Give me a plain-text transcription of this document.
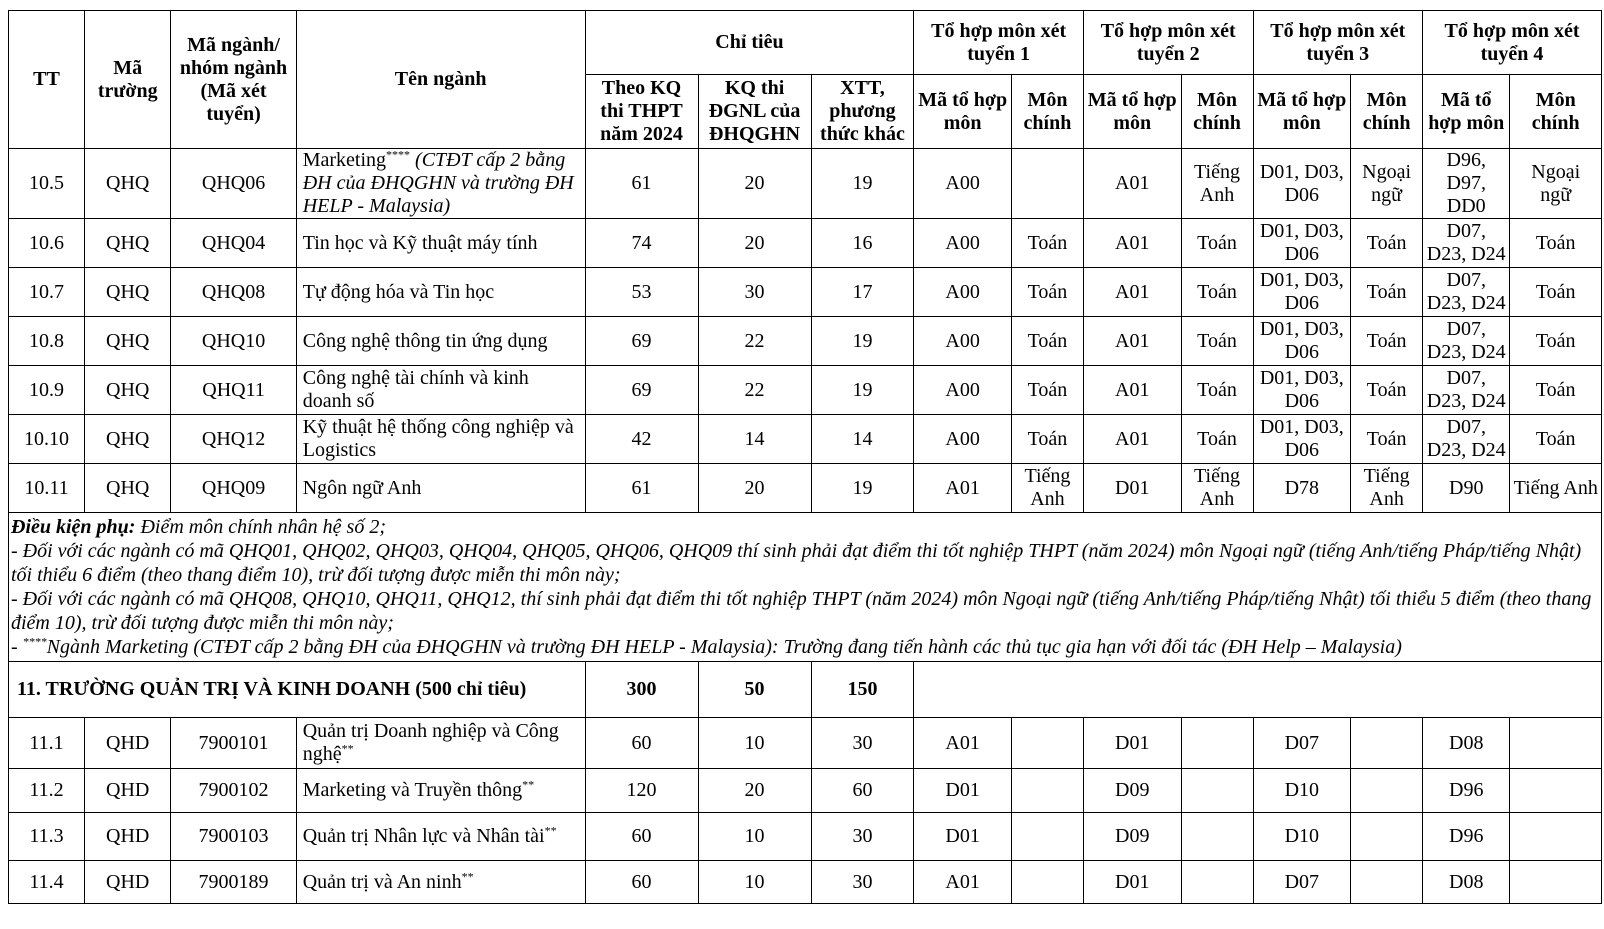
TT	Mã trường	Mã ngành/ nhóm ngành (Mã xét tuyển)	Tên ngành	Chỉ tiêu			Tổ hợp môn xét tuyển 1		Tổ hợp môn xét tuyển 2		Tổ hợp môn xét tuyển 3		Tổ hợp môn xét tuyển 4	
				Theo KQ thi THPT năm 2024	KQ thi ĐGNL của ĐHQGHN	XTT, phương thức khác	Mã tổ hợp môn	Môn chính	Mã tổ hợp môn	Môn chính	Mã tổ hợp môn	Môn chính	Mã tổ hợp môn	Môn chính
10.5	QHQ	QHQ06	Marketing**** (CTĐT cấp 2 bằng ĐH của ĐHQGHN và trường ĐH HELP - Malaysia)	61	20	19	A00		A01	Tiếng Anh	D01, D03, D06	Ngoại ngữ	D96, D97, DD0	Ngoại ngữ
10.6	QHQ	QHQ04	Tin học và Kỹ thuật máy tính	74	20	16	A00	Toán	A01	Toán	D01, D03, D06	Toán	D07, D23, D24	Toán
10.7	QHQ	QHQ08	Tự động hóa và Tin học	53	30	17	A00	Toán	A01	Toán	D01, D03, D06	Toán	D07, D23, D24	Toán
10.8	QHQ	QHQ10	Công nghệ thông tin ứng dụng	69	22	19	A00	Toán	A01	Toán	D01, D03, D06	Toán	D07, D23, D24	Toán
10.9	QHQ	QHQ11	Công nghệ tài chính và kinh doanh số	69	22	19	A00	Toán	A01	Toán	D01, D03, D06	Toán	D07, D23, D24	Toán
10.10	QHQ	QHQ12	Kỹ thuật hệ thống công nghiệp và Logistics	42	14	14	A00	Toán	A01	Toán	D01, D03, D06	Toán	D07, D23, D24	Toán
10.11	QHQ	QHQ09	Ngôn ngữ Anh	61	20	19	A01	Tiếng Anh	D01	Tiếng Anh	D78	Tiếng Anh	D90	Tiếng Anh
Điều kiện phụ: Điểm môn chính nhân hệ số 2;
- Đối với các ngành có mã QHQ01, QHQ02, QHQ03, QHQ04, QHQ05, QHQ06, QHQ09 thí sinh phải đạt điểm thi tốt nghiệp THPT (năm 2024) môn Ngoại ngữ (tiếng Anh/tiếng Pháp/tiếng Nhật) tối thiểu 6 điểm (theo thang điểm 10), trừ đối tượng được miễn thi môn này;
- Đối với các ngành có mã QHQ08, QHQ10, QHQ11, QHQ12, thí sinh phải đạt điểm thi tốt nghiệp THPT (năm 2024) môn Ngoại ngữ (tiếng Anh/tiếng Pháp/tiếng Nhật) tối thiểu 5 điểm (theo thang điểm 10), trừ đối tượng được miễn thi môn này;
- ****Ngành Marketing (CTĐT cấp 2 bằng ĐH của ĐHQGHN và trường ĐH HELP - Malaysia): Trường đang tiến hành các thủ tục gia hạn với đối tác (ĐH Help – Malaysia)														
11. TRƯỜNG QUẢN TRỊ VÀ KINH DOANH (500 chỉ tiêu)				300	50	150								
11.1	QHD	7900101	Quản trị Doanh nghiệp và Công nghệ**	60	10	30	A01		D01		D07		D08	
11.2	QHD	7900102	Marketing và Truyền thông**	120	20	60	D01		D09		D10		D96	
11.3	QHD	7900103	Quản trị Nhân lực và Nhân tài**	60	10	30	D01		D09		D10		D96	
11.4	QHD	7900189	Quản trị và An ninh**	60	10	30	A01		D01		D07		D08	
